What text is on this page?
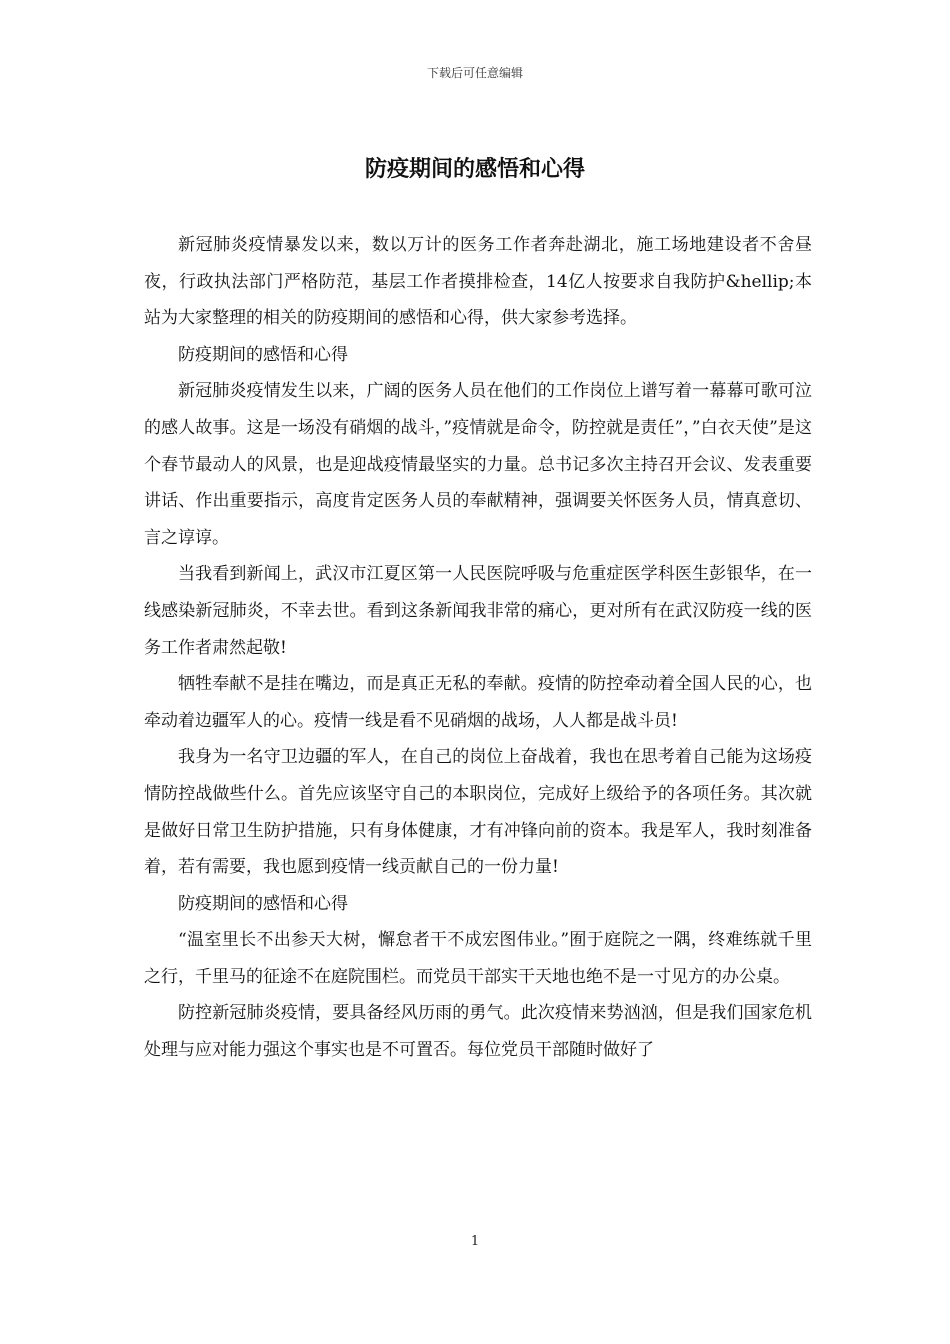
下载后可任意编辑
防疫期间的感悟和心得

新冠肺炎疫情暴发以来，数以万计的医务工作者奔赴湖北，施工场地建设者不舍昼夜，行政执法部门严格防范，基层工作者摸排检查，14亿人按要求自我防护&hellip;本站为大家整理的相关的防疫期间的感悟和心得，供大家参考选择。

防疫期间的感悟和心得

新冠肺炎疫情发生以来，广阔的医务人员在他们的工作岗位上谱写着一幕幕可歌可泣的感人故事。这是一场没有硝烟的战斗，”疫情就是命令，防控就是责任”，”白衣天使”是这个春节最动人的风景，也是迎战疫情最坚实的力量。总书记多次主持召开会议、发表重要讲话、作出重要指示，高度肯定医务人员的奉献精神，强调要关怀医务人员，情真意切、言之谆谆。

当我看到新闻上，武汉市江夏区第一人民医院呼吸与危重症医学科医生彭银华，在一线感染新冠肺炎，不幸去世。看到这条新闻我非常的痛心，更对所有在武汉防疫一线的医务工作者肃然起敬!

牺牲奉献不是挂在嘴边，而是真正无私的奉献。疫情的防控牵动着全国人民的心，也牵动着边疆军人的心。疫情一线是看不见硝烟的战场，人人都是战斗员!

我身为一名守卫边疆的军人，在自己的岗位上奋战着，我也在思考着自己能为这场疫情防控战做些什么。首先应该坚守自己的本职岗位，完成好上级给予的各项任务。其次就是做好日常卫生防护措施，只有身体健康，才有冲锋向前的资本。我是军人，我时刻准备着，若有需要，我也愿到疫情一线贡献自己的一份力量!

防疫期间的感悟和心得

“温室里长不出参天大树，懈怠者干不成宏图伟业。”囿于庭院之一隅，终难练就千里之行，千里马的征途不在庭院围栏。而党员干部实干天地也绝不是一寸见方的办公桌。

防控新冠肺炎疫情，要具备经风历雨的勇气。此次疫情来势汹汹，但是我们国家危机处理与应对能力强这个事实也是不可置否。每位党员干部随时做好了

1
